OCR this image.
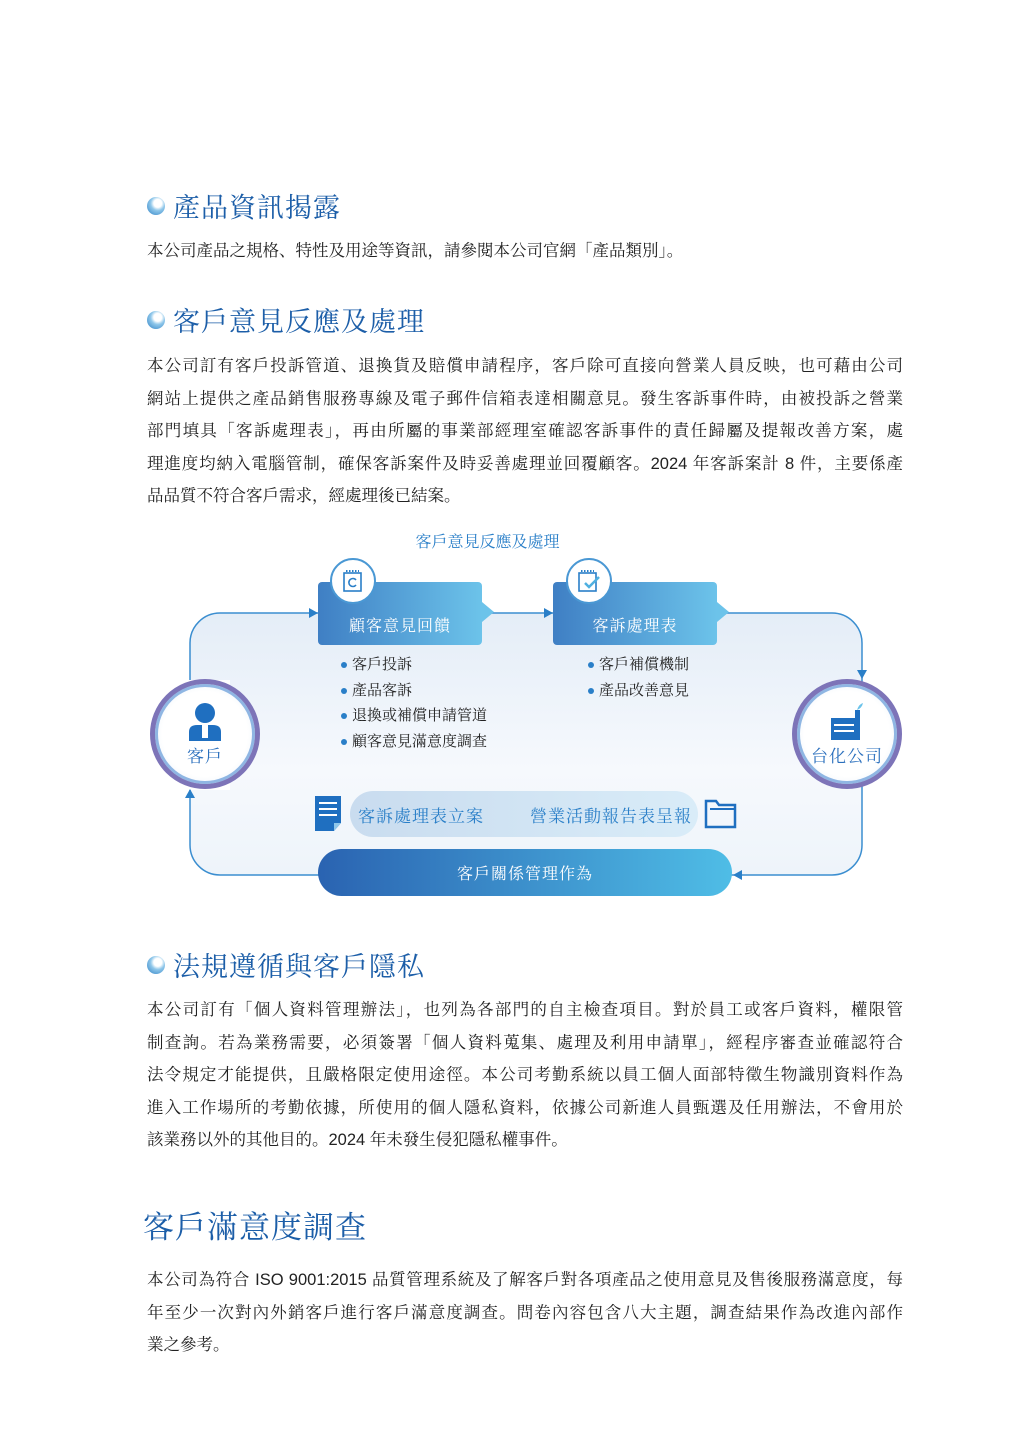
產品資訊揭露
本公司產品之規格、特性及用途等資訊，請參閱本公司官網「產品類別」。
客戶意見反應及處理
本公司訂有客戶投訴管道、退換貨及賠償申請程序，客戶除可直接向營業人員反映，也可藉由公司
網站上提供之產品銷售服務專線及電子郵件信箱表達相關意見。發生客訴事件時，由被投訴之營業
部門填具「客訴處理表」，再由所屬的事業部經理室確認客訴事件的責任歸屬及提報改善方案，處
理進度均納入電腦管制，確保客訴案件及時妥善處理並回覆顧客。2024 年客訴案計 8 件，主要係產
品品質不符合客戶需求，經處理後已結案。
客戶意見反應及處理
顧客意見回饋	客訴處理表
客戶投訴
產品客訴
退換或補償申請管道
顧客意見滿意度調查
客戶補償機制
產品改善意見
客戶	台化公司
客訴處理表立案	營業活動報告表呈報
客戶關係管理作為
法規遵循與客戶隱私
本公司訂有「個人資料管理辦法」，也列為各部門的自主檢查項目。對於員工或客戶資料，權限管
制查詢。若為業務需要，必須簽署「個人資料蒐集、處理及利用申請單」，經程序審查並確認符合
法令規定才能提供，且嚴格限定使用途徑。本公司考勤系統以員工個人面部特徵生物識別資料作為
進入工作場所的考勤依據，所使用的個人隱私資料，依據公司新進人員甄選及任用辦法，不會用於
該業務以外的其他目的。2024 年未發生侵犯隱私權事件。
客戶滿意度調查
本公司為符合 ISO 9001:2015 品質管理系統及了解客戶對各項產品之使用意見及售後服務滿意度，每
年至少一次對內外銷客戶進行客戶滿意度調查。問卷內容包含八大主題，調查結果作為改進內部作
業之參考。
